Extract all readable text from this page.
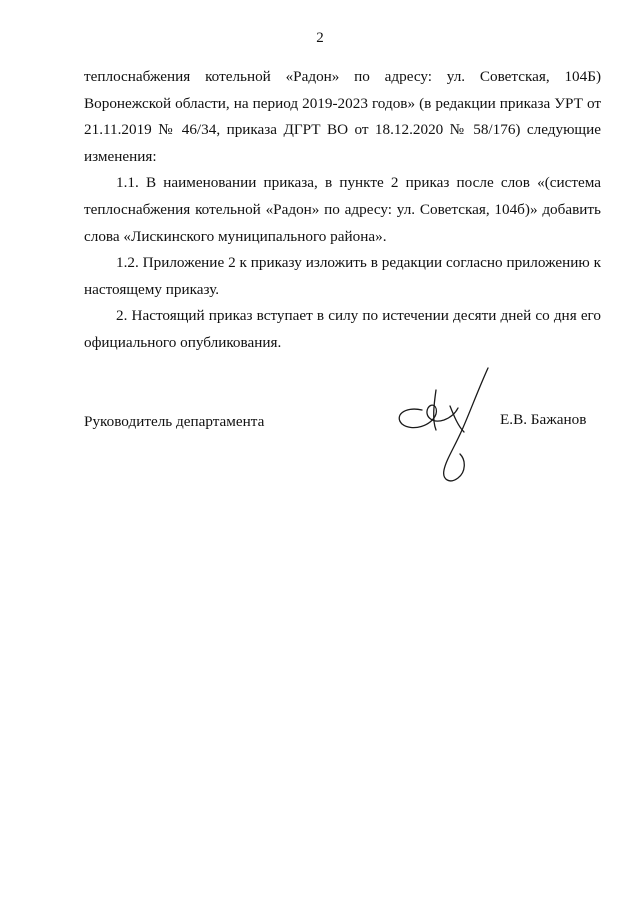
2

теплоснабжения котельной «Радон» по адресу: ул. Советская, 104Б) Воронежской области, на период 2019-2023 годов» (в редакции приказа УРТ от 21.11.2019 № 46/34, приказа ДГРТ ВО от 18.12.2020 № 58/176) следующие изменения:

1.1. В наименовании приказа, в пункте 2 приказ после слов «(система теплоснабжения котельной «Радон» по адресу: ул. Советская, 104б)» добавить слова «Лискинского муниципального района».

1.2. Приложение 2 к приказу изложить в редакции согласно приложению к настоящему приказу.

2. Настоящий приказ вступает в силу по истечении десяти дней со дня его официального опубликования.

Руководитель департамента	Е.В. Бажанов
